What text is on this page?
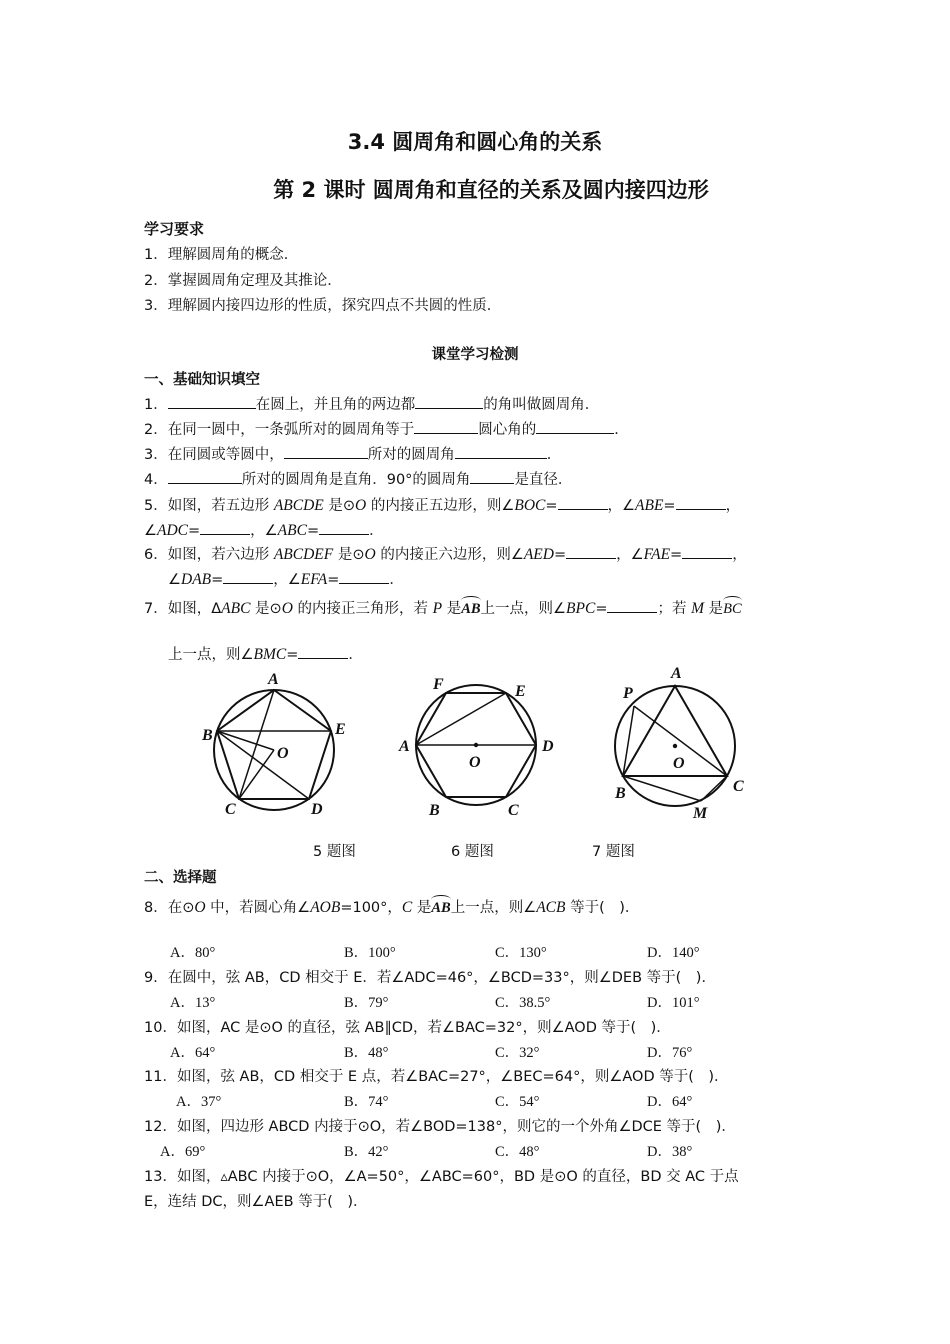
3.4 圆周角和圆心角的关系
第 2 课时 圆周角和直径的关系及圆内接四边形
学习要求
1．理解圆周角的概念．
2．掌握圆周角定理及其推论．
3．理解圆内接四边形的性质，探究四点不共圆的性质．
课堂学习检测
一、基础知识填空
1．	在圆上，并且角的两边都	的角叫做圆周角．
2．在同一圆中，一条弧所对的圆周角等于	圆心角的	．
3．在同圆或等圆中，	所对的圆周角	．
4．	所对的圆周角是直角．90°的圆周角	是直径．
5．如图，若五边形 ABCDE 是⊙O 的内接正五边形，则∠BOC=	，∠ABE=	，
∠ADC=	，∠ABC=	．
6．如图，若六边形 ABCDEF 是⊙O 的内接正六边形，则∠AED=	，∠FAE=	，
∠DAB=	，∠EFA=	．
7．如图，ΔABC 是⊙O 的内接正三角形，若 P 是AB上一点，则∠BPC=	；若 M 是BC
上一点，则∠BMC=	．
A
B	E
O
C	D
F	E
A	D
O
B	C
P
A
O
C
B
M
5 题图	6 题图	7 题图
二、选择题
8．在⊙O 中，若圆心角∠AOB=100°，C 是AB上一点，则∠ACB 等于(　)．
A．80°	B．100°	C．130°	D．140°
9．在圆中，弦 AB，CD 相交于 E．若∠ADC=46°，∠BCD=33°，则∠DEB 等于(　)．
A．13°	B．79°	C．38.5°	D．101°
10．如图，AC 是⊙O 的直径，弦 AB∥CD，若∠BAC=32°，则∠AOD 等于(　)．
A．64°	B．48°	C．32°	D．76°
11．如图，弦 AB，CD 相交于 E 点，若∠BAC=27°，∠BEC=64°，则∠AOD 等于(　)．
A．37°	B．74°	C．54°	D．64°
12．如图，四边形 ABCD 内接于⊙O，若∠BOD=138°，则它的一个外角∠DCE 等于(　)．
A．69°	B．42°	C．48°	D．38°
13．如图，▵ABC 内接于⊙O，∠A=50°，∠ABC=60°，BD 是⊙O 的直径，BD 交 AC 于点
E，连结 DC，则∠AEB 等于(　)．
